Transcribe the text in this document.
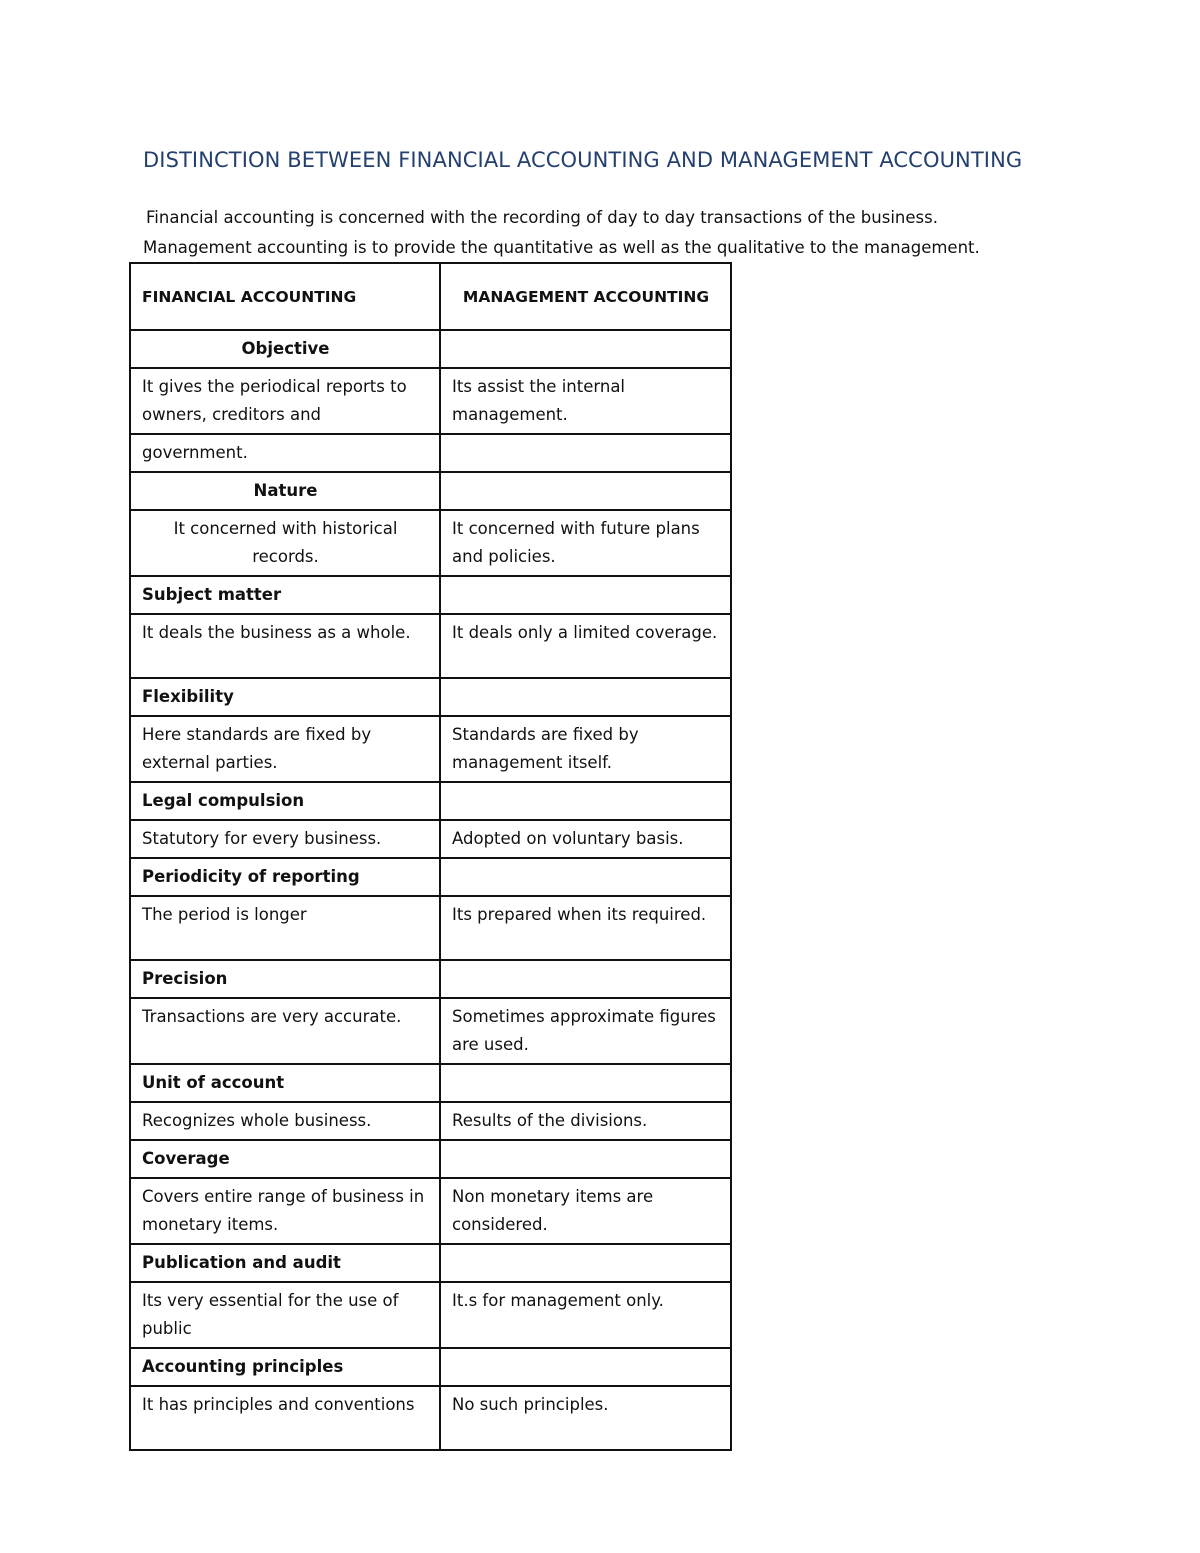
DISTINCTION BETWEEN FINANCIAL ACCOUNTING AND MANAGEMENT ACCOUNTING

Financial accounting is concerned with the recording of day to day transactions of the business.

Management accounting is to provide the quantitative as well as the qualitative to the management.

FINANCIAL ACCOUNTING	MANAGEMENT ACCOUNTING
Objective	
It gives the periodical reports to owners, creditors and	Its assist the internal management.
government.	
Nature	
It concerned with historical records.	It concerned with future plans and policies.
Subject matter	
It deals the business as a whole.	It deals only a limited coverage.
Flexibility	
Here standards are fixed by external parties.	Standards are fixed by management itself.
Legal compulsion	
Statutory for every business.	Adopted on voluntary basis.
Periodicity of reporting	
The period is longer	Its prepared when its required.
Precision	
Transactions are very accurate.	Sometimes approximate figures are used.
Unit of account	
Recognizes whole business.	Results of the divisions.
Coverage	
Covers entire range of business in monetary items.	Non monetary items are considered.
Publication and audit	
Its very essential for the use of public	It.s for management only.
Accounting principles	
It has principles and conventions	No such principles.
